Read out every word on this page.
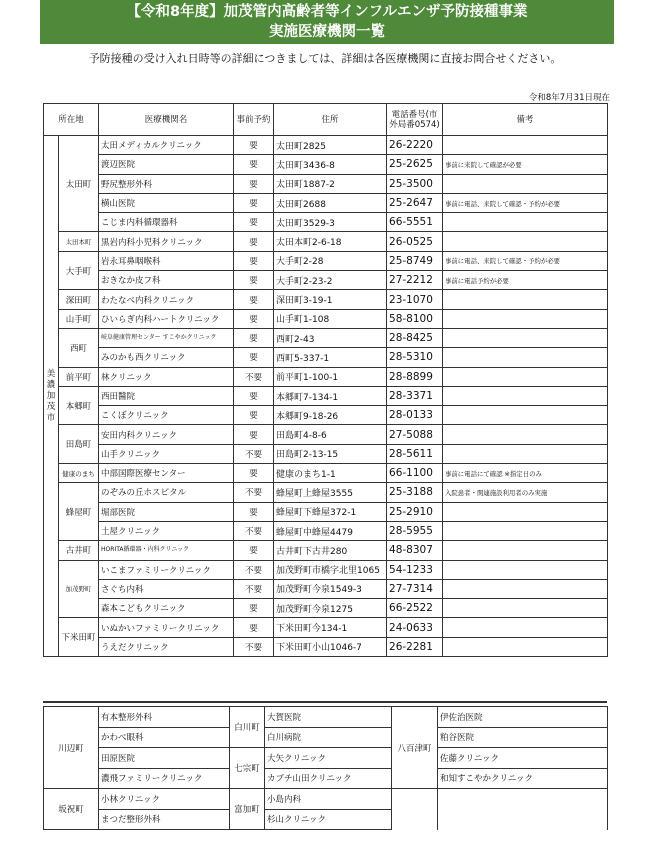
【令和8年度】加茂管内高齢者等インフルエンザ予防接種事業
実施医療機関一覧
予防接種の受け入れ日時等の詳細につきましては、詳細は各医療機関に直接お問合せください。
令和8年7月31日現在
所在地		医療機関名	事前予約	住所	電話番号(市外局番0574)	備考
美
濃
加
茂
市	太田町	太田メディカルクリニック	要	太田町2825	26-2220	
		渡辺医院	要	太田町3436-8	25-2625	事前に来院して確認が必要
		野尻整形外科	要	太田町1887-2	25-3500	
		横山医院	要	太田町2688	25-2647	事前に電話、来院して確認・予約が必要
		こじま内科循環器科	要	太田町3529-3	66-5551	
	太田本町	黒岩内科小児科クリニック	要	太田本町2-6-18	26-0525	
	大手町	岩永耳鼻咽喉科	要	大手町2-28	25-8749	事前に電話、来院して確認・予約が必要
		おきなか皮フ科	要	大手町2-23-2	27-2212	事前に電話予約が必要
	深田町	わたなべ内科クリニック	要	深田町3-19-1	23-1070	
	山手町	ひいらぎ内科ハートクリニック	要	山手町1-108	58-8100	
	西町	岐阜健康管理センター すこやかクリニック	要	西町2-43	28-8425	
		みのかも西クリニック	要	西町5-337-1	28-5310	
	前平町	林クリニック	不要	前平町1-100-1	28-8899	
	本郷町	西田醫院	要	本郷町7-134-1	28-3371	
		こくぼクリニック	要	本郷町9-18-26	28-0133	
	田島町	安田内科クリニック	要	田島町4-8-6	27-5088	
		山手クリニック	不要	田島町2-13-15	28-5611	
	健康のまち	中部国際医療センター	要	健康のまち1-1	66-1100	事前に電話にて確認 ※指定日のみ
	蜂屋町	のぞみの丘ホスピタル	不要	蜂屋町上蜂屋3555	25-3188	入院患者・関連施設利用者のみ実施
		堀部医院	要	蜂屋町下蜂屋372-1	25-2910	
		土屋クリニック	不要	蜂屋町中蜂屋4479	28-5955	
	古井町	HORITA循環器・内科クリニック	要	古井町下古井280	48-8307	
	加茂野町	いこまファミリークリニック	不要	加茂野町市橋字北里1065	54-1233	
		さぐち内科	不要	加茂野町今泉1549-3	27-7314	
		森本こどもクリニック	要	加茂野町今泉1275	66-2522	
	下米田町	いぬかいファミリークリニック	要	下米田町今134-1	24-0633	
		うえだクリニック	不要	下米田町小山1046-7	26-2281	
川辺町	有本整形外科	白川町	大賀医院	八百津町	伊佐治医院
	かわべ眼科		白川病院		粕谷医院
	田原医院	七宗町	大矢クリニック		佐藤クリニック
	濃飛ファミリークリニック		カブチ山田クリニック		和知すこやかクリニック
坂祝町	小林クリニック	富加町	小島内科		
	まつだ整形外科		杉山クリニック		
